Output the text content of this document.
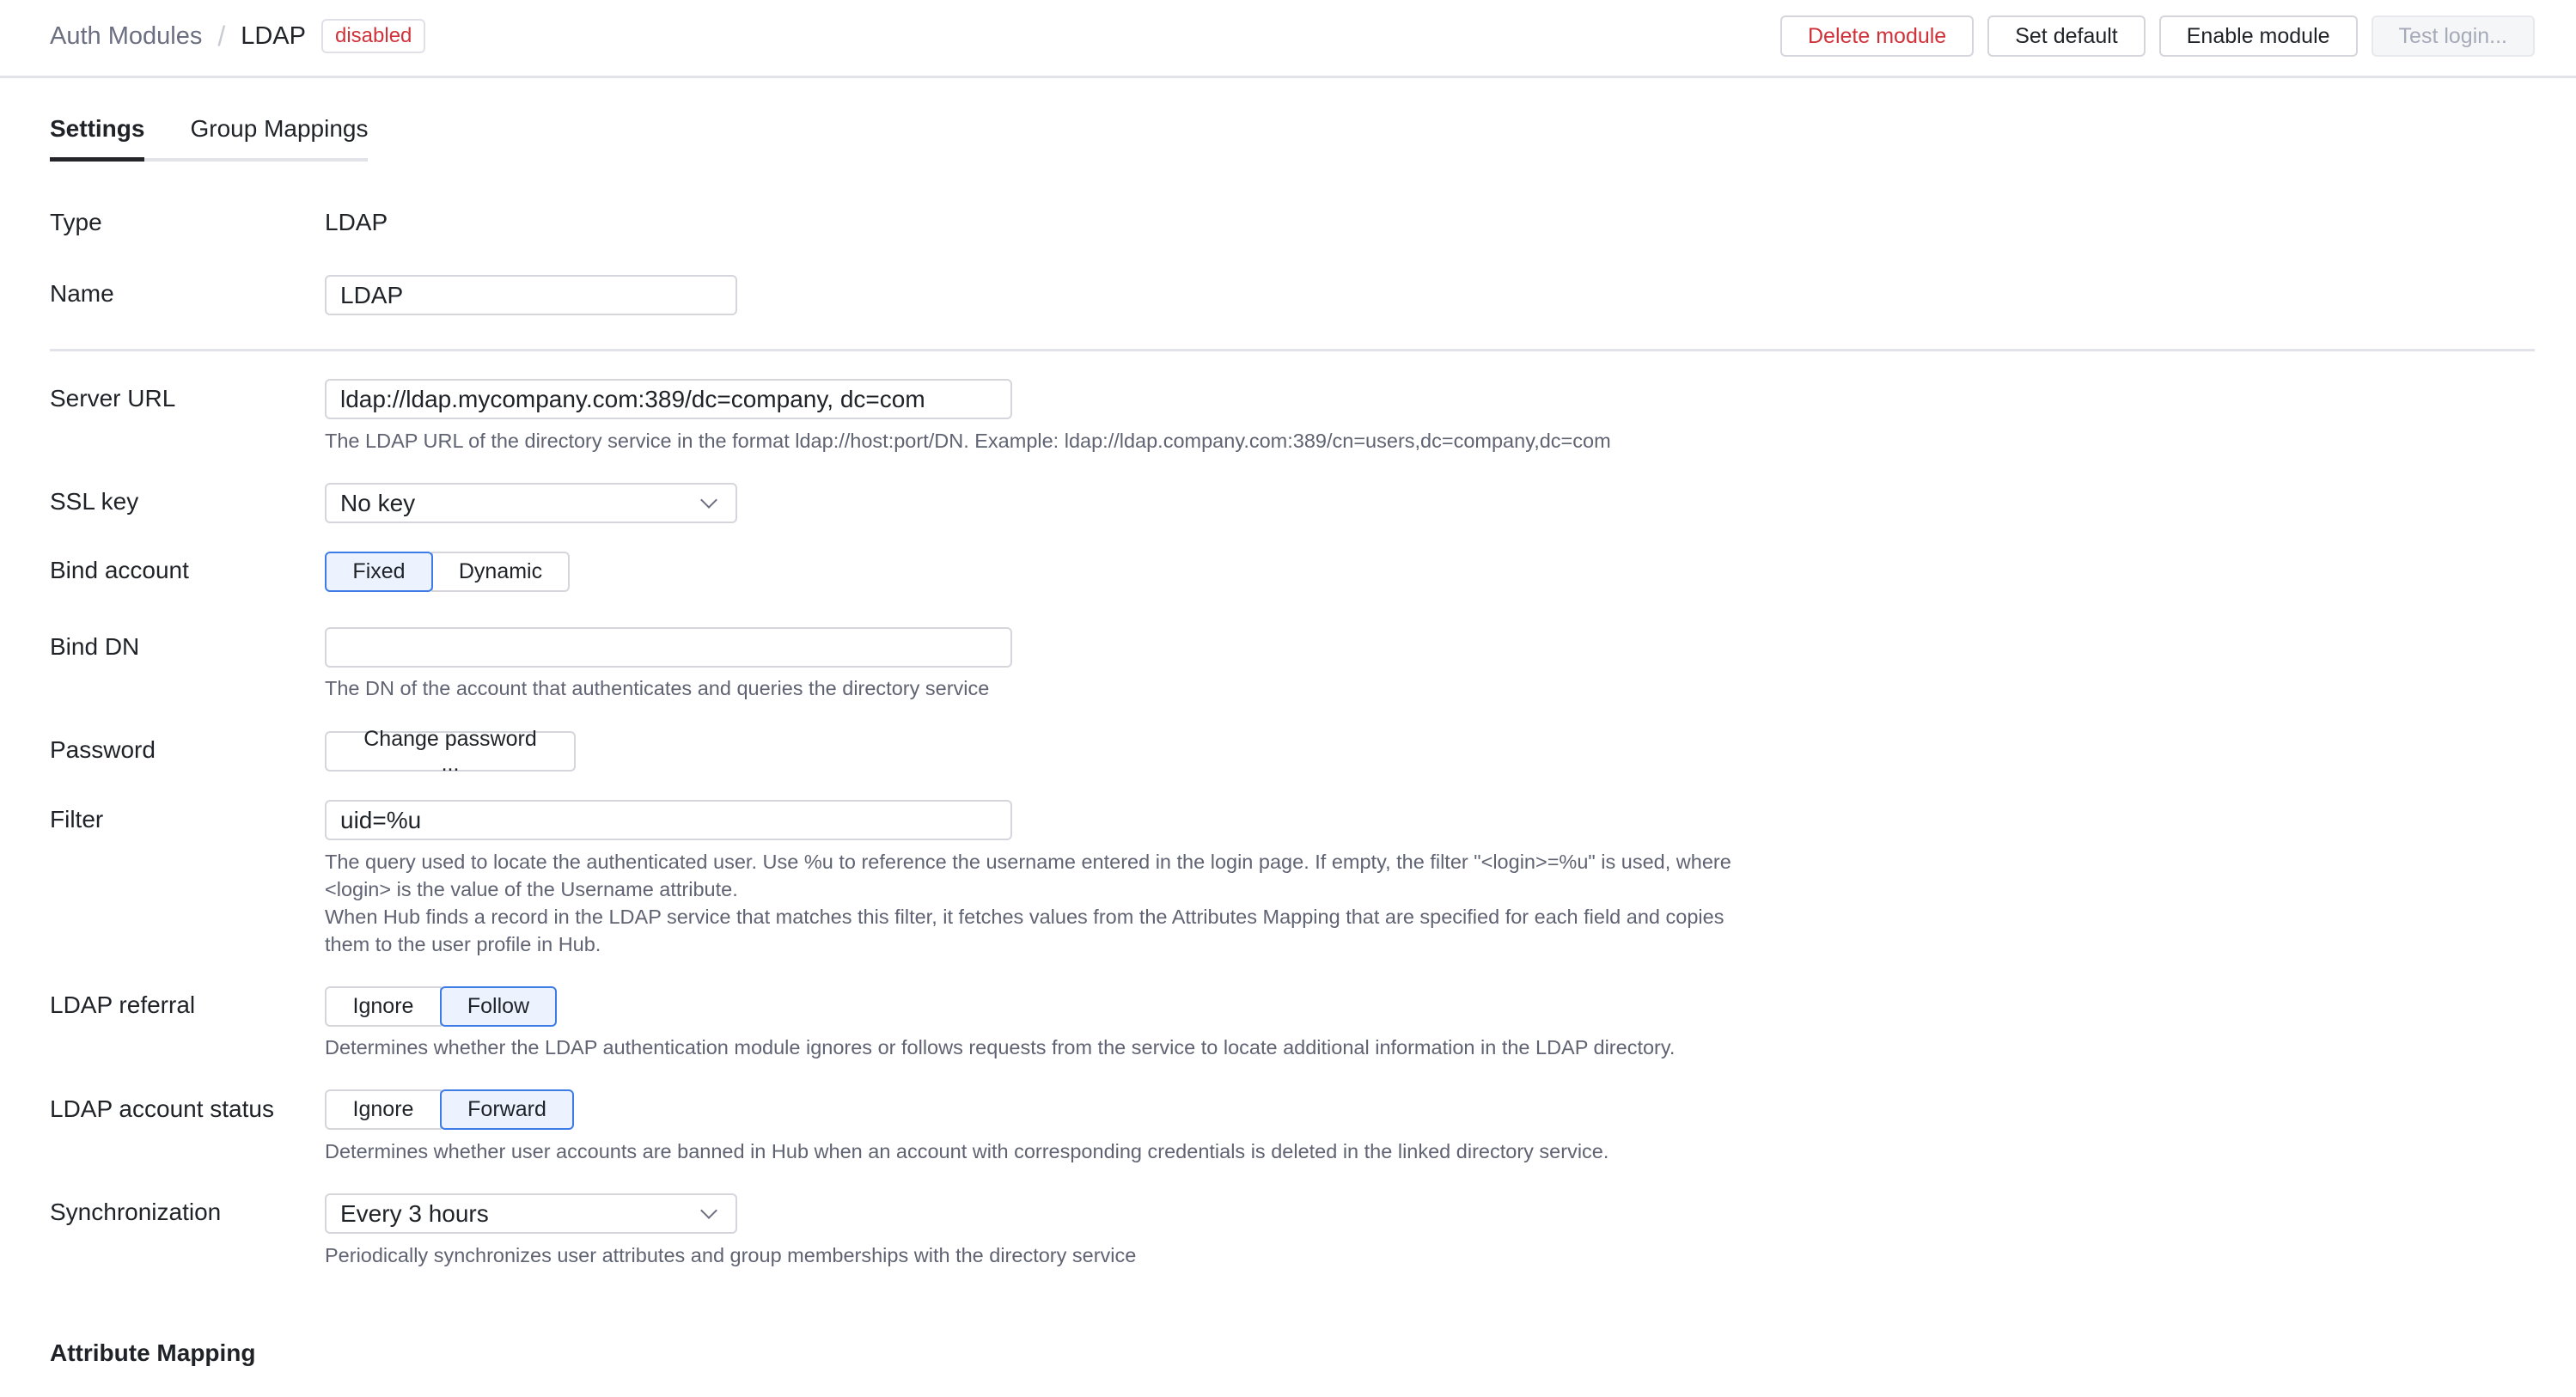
Auth Modules / LDAP	disabled	Delete module	Set default	Enable module	Test login...
Settings Group Mappings
Type	LDAP
Name	LDAP
Server URL	ldap://ldap.mycompany.com:389/dc=company, dc=com
The LDAP URL of the directory service in the format ldap://host:port/DN. Example: ldap://ldap.company.com:389/cn=users,dc=company,dc=com
SSL key	No key
Bind account	Fixed	Dynamic
Bind DN
The DN of the account that authenticates and queries the directory service
Password	Change password ...
Filter	uid=%u
The query used to locate the authenticated user. Use %u to reference the username entered in the login page. If empty, the filter "<login>=%u" is used, where
<login> is the value of the Username attribute.
When Hub finds a record in the LDAP service that matches this filter, it fetches values from the Attributes Mapping that are specified for each field and copies
them to the user profile in Hub.
LDAP referral	Ignore	Follow
Determines whether the LDAP authentication module ignores or follows requests from the service to locate additional information in the LDAP directory.
LDAP account status	Ignore	Forward
Determines whether user accounts are banned in Hub when an account with corresponding credentials is deleted in the linked directory service.
Synchronization	Every 3 hours
Periodically synchronizes user attributes and group memberships with the directory service
Attribute Mapping
